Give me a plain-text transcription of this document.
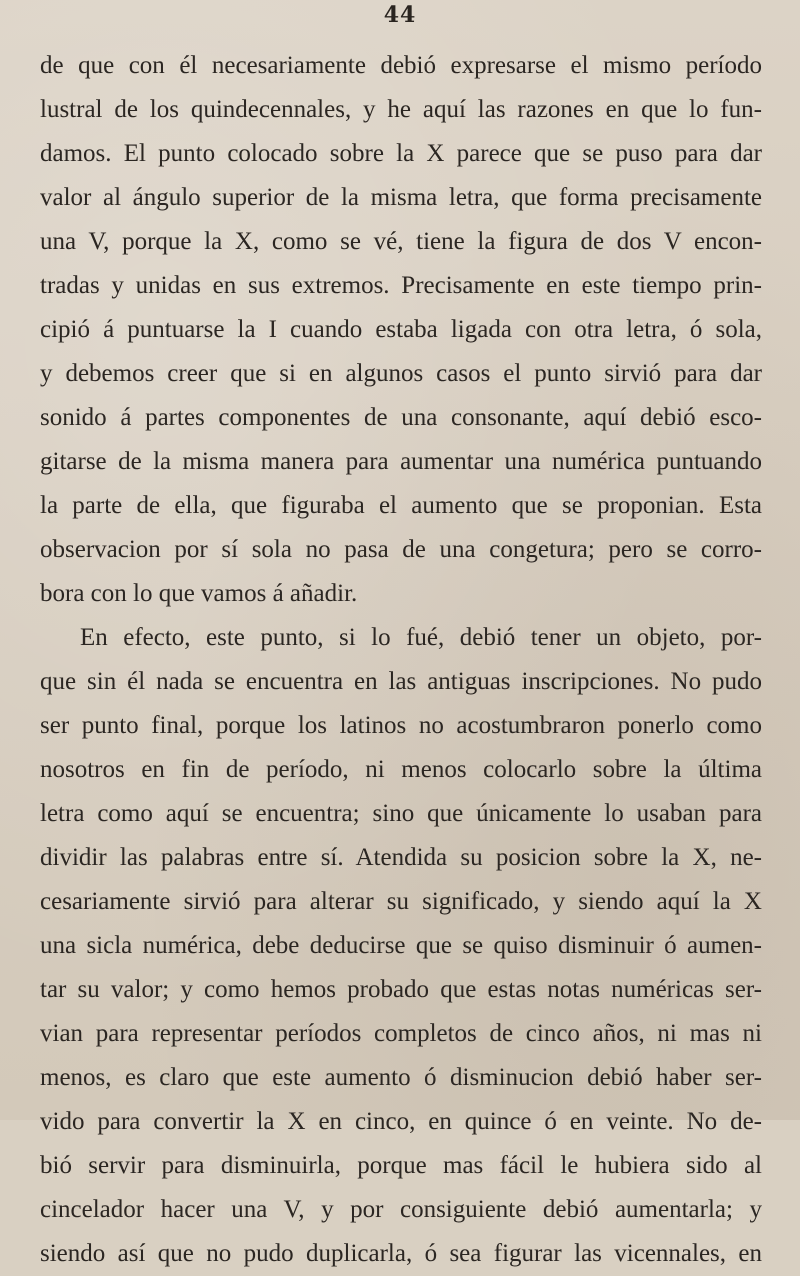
44
de que con él necesariamente debió expresarse el mismo período
lustral de los quindecennales, y he aquí las razones en que lo fun-
damos. El punto colocado sobre la X parece que se puso para dar
valor al ángulo superior de la misma letra, que forma precisamente
una V, porque la X, como se vé, tiene la figura de dos V encon-
tradas y unidas en sus extremos. Precisamente en este tiempo prin-
cipió á puntuarse la I cuando estaba ligada con otra letra, ó sola,
y debemos creer que si en algunos casos el punto sirvió para dar
sonido á partes componentes de una consonante, aquí debió esco-
gitarse de la misma manera para aumentar una numérica puntuando
la parte de ella, que figuraba el aumento que se proponian. Esta
observacion por sí sola no pasa de una congetura; pero se corro-
bora con lo que vamos á añadir.
En efecto, este punto, si lo fué, debió tener un objeto, por-
que sin él nada se encuentra en las antiguas inscripciones. No pudo
ser punto final, porque los latinos no acostumbraron ponerlo como
nosotros en fin de período, ni menos colocarlo sobre la última
letra como aquí se encuentra; sino que únicamente lo usaban para
dividir las palabras entre sí. Atendida su posicion sobre la X, ne-
cesariamente sirvió para alterar su significado, y siendo aquí la X
una sicla numérica, debe deducirse que se quiso disminuir ó aumen-
tar su valor; y como hemos probado que estas notas numéricas ser-
vian para representar períodos completos de cinco años, ni mas ni
menos, es claro que este aumento ó disminucion debió haber ser-
vido para convertir la X en cinco, en quince ó en veinte. No de-
bió servir para disminuirla, porque mas fácil le hubiera sido al
cincelador hacer una V, y por consiguiente debió aumentarla; y
siendo así que no pudo duplicarla, ó sea figurar las vicennales, en
